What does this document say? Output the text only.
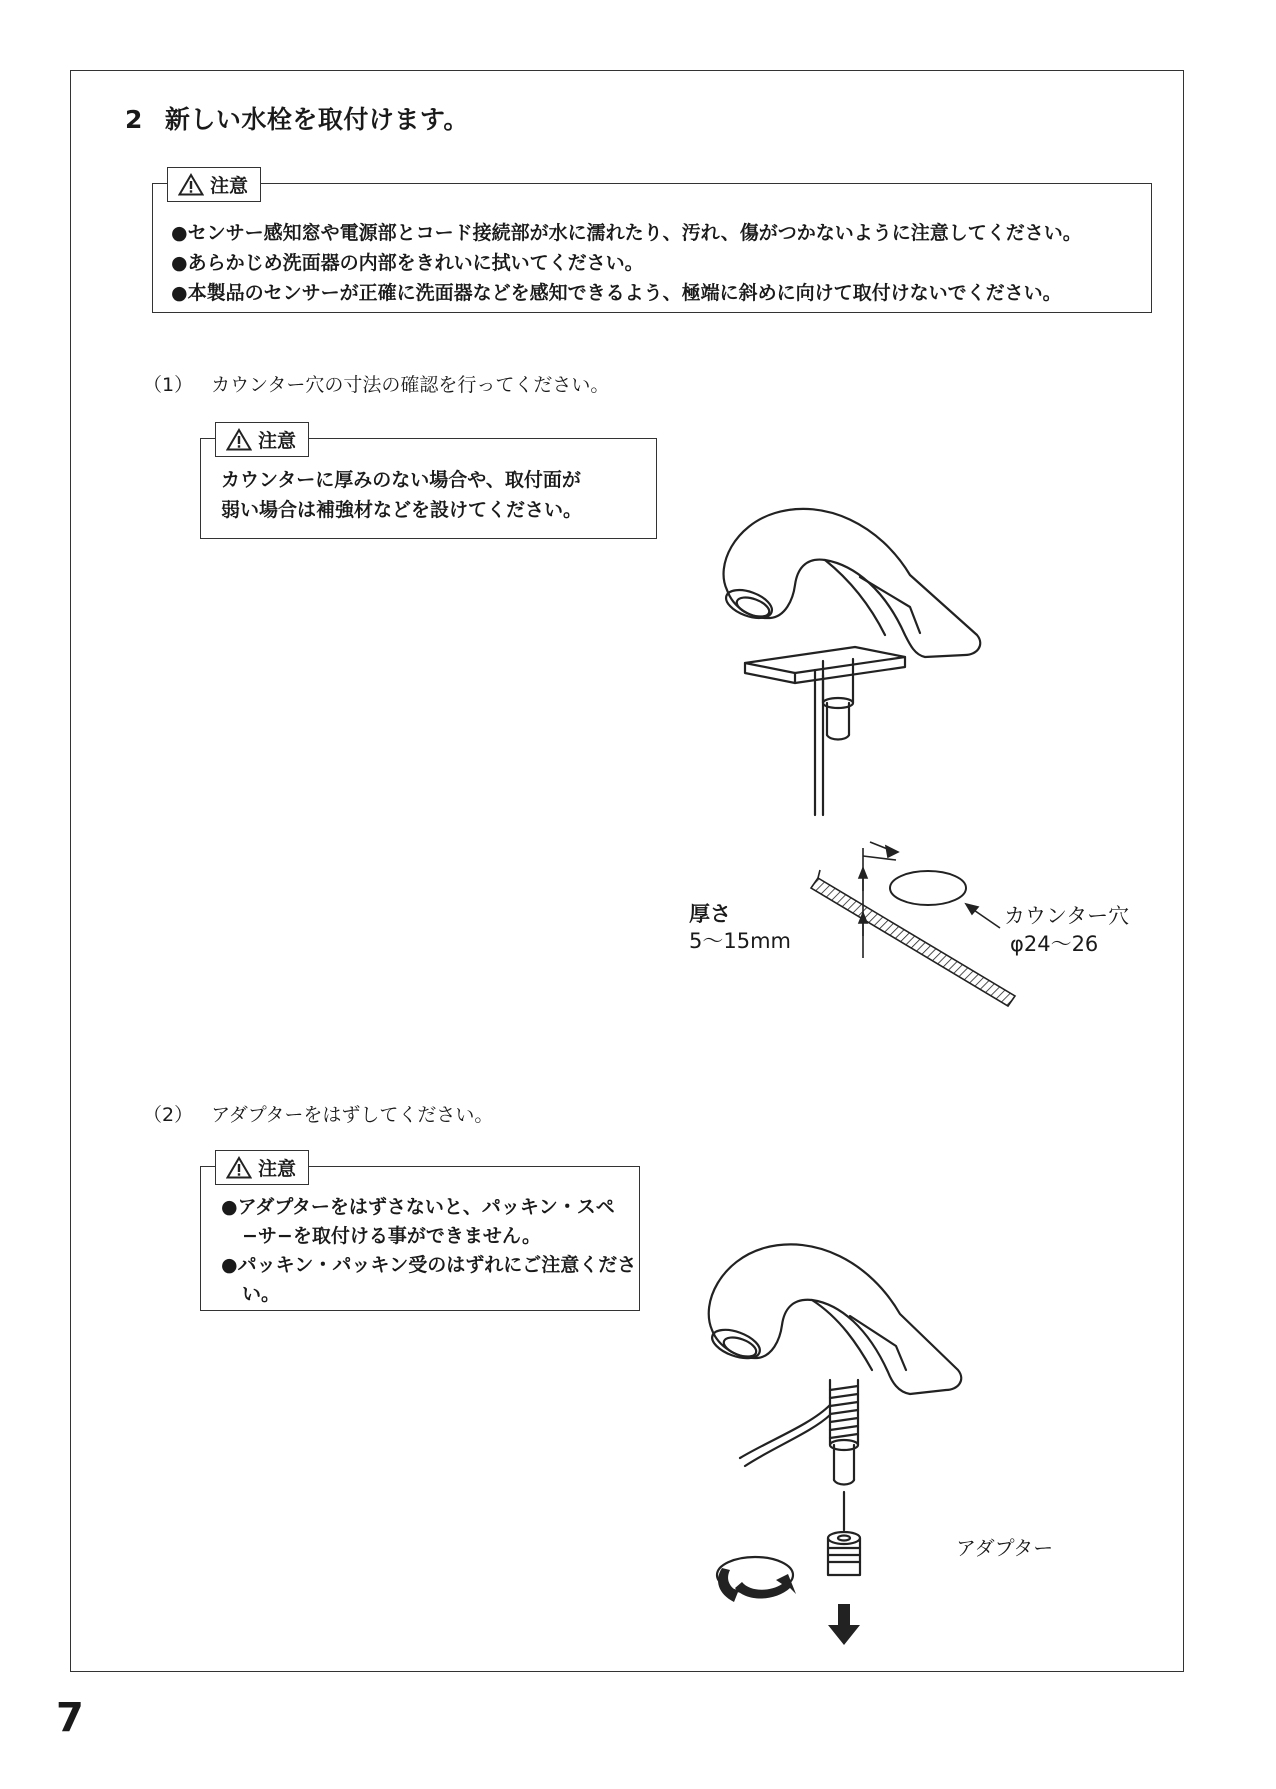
2 新しい水栓を取付けます。
注意
●センサー感知窓や電源部とコード接続部が水に濡れたり、汚れ、傷がつかないように注意してください。
●あらかじめ洗面器の内部をきれいに拭いてください。
●本製品のセンサーが正確に洗面器などを感知できるよう、極端に斜めに向けて取付けないでください。
（1） カウンター穴の寸法の確認を行ってください。
注意
カウンターに厚みのない場合や、取付面が
弱い場合は補強材などを設けてください。
厚さ
5〜15mm
カウンター穴
φ24〜26
（2） アダプターをはずしてください。
注意
●アダプターをはずさないと、パッキン・スペ−サ−を取付ける事ができません。
●パッキン・パッキン受のはずれにご注意ください。
アダプター
7
